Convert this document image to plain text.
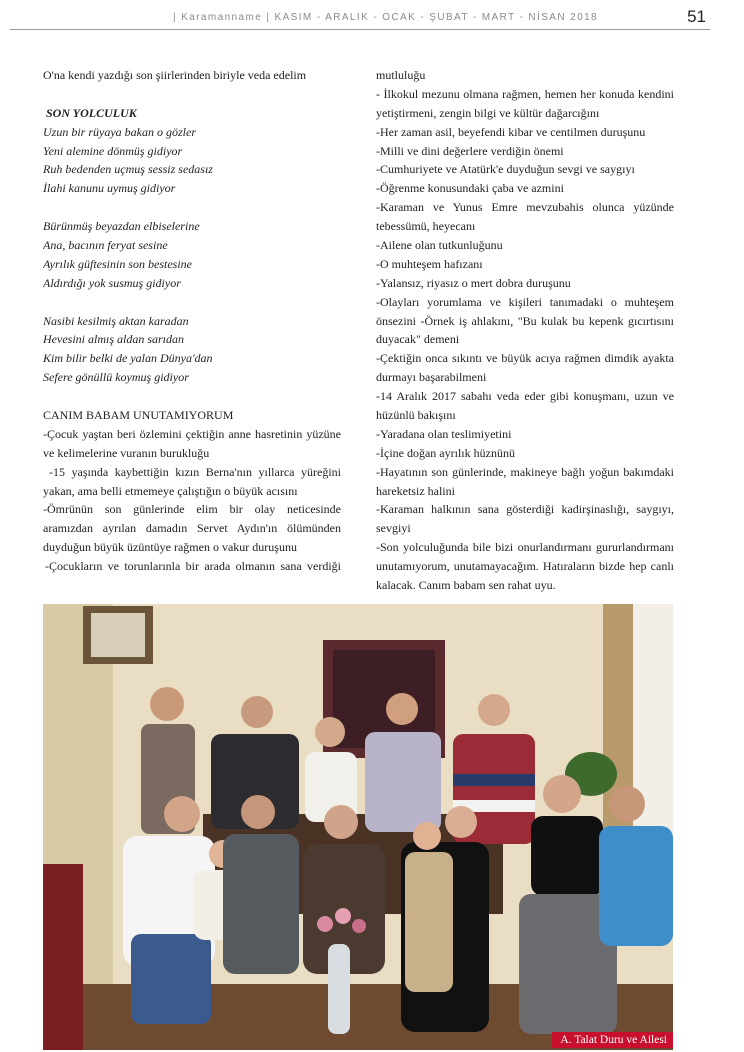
| Karamanname | KASIM - ARALIK - OCAK - ŞUBAT - MART - NİSAN 2018	51
O'na kendi yazdığı son şiirlerinden biriyle veda edelim
SON YOLCULUK
Uzun bir rüyaya bakan o gözler
Yeni alemine dönmüş gidiyor
Ruh bedenden uçmuş sessiz sedasız
İlahi kanunu uymuş gidiyor
Bürünmüş beyazdan elbiselerine
Ana, bacının feryat sesine
Ayrılık güftesinin son bestesine
Aldırdığı yok susmuş gidiyor
Nasibi kesilmiş aktan karadan
Hevesini almış aldan sarıdan
Kim bilir belki de yalan Dünya'dan
Sefere gönüllü koymuş gidiyor
CANIM BABAM UNUTAMIYORUM
-Çocuk yaştan beri özlemini çektiğin anne hasretinin yüzüne
ve kelimelerine vuranın burukluğu
-15 yaşında kaybettiğin kızın Berna'nın yıllarca yüreğini
yakan, ama belli etmemeye çalıştığın o büyük acısını
-Ömrünün son günlerinde elim bir olay neticesinde
aramızdan ayrılan damadın Servet Aydın'ın ölümünden
duyduğun büyük üzüntüye rağmen o vakur duruşunu
-Çocukların ve torunlarınla bir arada olmanın sana verdiği
mutluluğu
- İlkokul mezunu olmana rağmen, hemen her konuda kendini
yetiştirmeni, zengin bilgi ve kültür dağarcığını
-Her zaman asil, beyefendi kibar ve centilmen duruşunu
-Milli ve dini değerlere verdiğin önemi
-Cumhuriyete ve Atatürk'e duyduğun sevgi ve saygıyı
-Öğrenme konusundaki çaba ve azmini
-Karaman ve Yunus Emre mevzubahis olunca yüzünde
tebessümü, heyecanı
-Ailene olan tutkunluğunu
-O muhteşem hafızanı
-Yalansız, riyasız o mert dobra duruşunu
-Olayları yorumlama ve kişileri tanımadaki o muhteşem
önsezini -Örnek iş ahlakını, "Bu kulak bu kepenk gıcırtısını
duyacak" demeni
-Çektiğin onca sıkıntı ve büyük acıya rağmen dimdik ayakta
durmayı başarabilmeni
-14 Aralık 2017 sabahı veda eder gibi konuşmanı, uzun ve
hüzünlü bakışını
-Yaradana olan teslimiyetini
-İçine doğan ayrılık hüznünü
-Hayatının son günlerinde, makineye bağlı yoğun bakımdaki
hareketsiz halini
-Karaman halkının sana gösterdiği kadirşinaslığı, saygıyı,
sevgiyi
-Son yolculuğunda bile bizi onurlandırmanı gururlandırmanı
unutamıyorum, unutamayacağım. Hatıraların bizde hep canlı
kalacak. Canım babam sen rahat uyu.
A. Talat Duru ve Ailesi
